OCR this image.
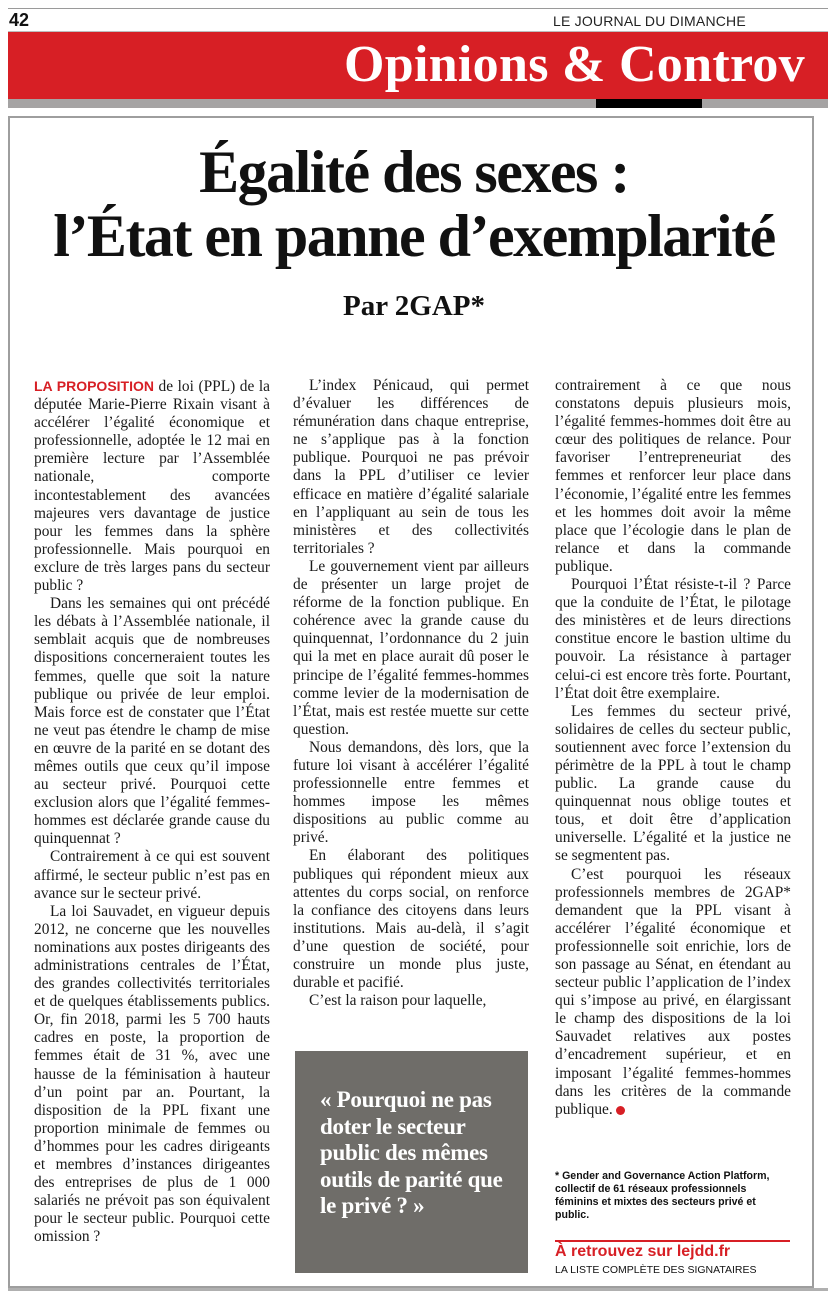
42	LE JOURNAL DU DIMANCHE
Opinions & Controv
Égalité des sexes :
l’État en panne d’exemplarité
Par 2GAP*

LA PROPOSITION de loi (PPL) de la députée Marie-Pierre Rixain visant à accélérer l’égalité économique et professionnelle, adoptée le 12 mai en première lecture par l’Assemblée nationale, comporte incontestablement des avancées majeures vers davantage de justice pour les femmes dans la sphère professionnelle. Mais pourquoi en exclure de très larges pans du secteur public ?

Dans les semaines qui ont précédé les débats à l’Assemblée nationale, il semblait acquis que de nombreuses dispositions concerneraient toutes les femmes, quelle que soit la nature publique ou privée de leur emploi. Mais force est de constater que l’État ne veut pas étendre le champ de mise en œuvre de la parité en se dotant des mêmes outils que ceux qu’il impose au secteur privé. Pourquoi cette exclusion alors que l’égalité femmes-hommes est déclarée grande cause du quinquennat ?

Contrairement à ce qui est souvent affirmé, le secteur public n’est pas en avance sur le secteur privé.

La loi Sauvadet, en vigueur depuis 2012, ne concerne que les nouvelles nominations aux postes dirigeants des administrations centrales de l’État, des grandes collectivités territoriales et de quelques établissements publics. Or, fin 2018, parmi les 5 700 hauts cadres en poste, la proportion de femmes était de 31 %, avec une hausse de la féminisation à hauteur d’un point par an. Pourtant, la disposition de la PPL fixant une proportion minimale de femmes ou d’hommes pour les cadres dirigeants et membres d’instances dirigeantes des entreprises de plus de 1 000 salariés ne prévoit pas son équivalent pour le secteur public. Pourquoi cette omission ?

L’index Pénicaud, qui permet d’évaluer les différences de rémunération dans chaque entreprise, ne s’applique pas à la fonction publique. Pourquoi ne pas prévoir dans la PPL d’utiliser ce levier efficace en matière d’égalité salariale en l’appliquant au sein de tous les ministères et des collectivités territoriales ?

Le gouvernement vient par ailleurs de présenter un large projet de réforme de la fonction publique. En cohérence avec la grande cause du quinquennat, l’ordonnance du 2 juin qui la met en place aurait dû poser le principe de l’égalité femmes-hommes comme levier de la modernisation de l’État, mais est restée muette sur cette question.

Nous demandons, dès lors, que la future loi visant à accélérer l’égalité professionnelle entre femmes et hommes impose les mêmes dispositions au public comme au privé.

En élaborant des politiques publiques qui répondent mieux aux attentes du corps social, on renforce la confiance des citoyens dans leurs institutions. Mais au-delà, il s’agit d’une question de société, pour construire un monde plus juste, durable et pacifié.

C’est la raison pour laquelle,

« Pourquoi ne pas doter le secteur public des mêmes outils de parité que le privé ? »

contrairement à ce que nous constatons depuis plusieurs mois, l’égalité femmes-hommes doit être au cœur des politiques de relance. Pour favoriser l’entrepreneuriat des femmes et renforcer leur place dans l’économie, l’égalité entre les femmes et les hommes doit avoir la même place que l’écologie dans le plan de relance et dans la commande publique.

Pourquoi l’État résiste-t-il ? Parce que la conduite de l’État, le pilotage des ministères et de leurs directions constitue encore le bastion ultime du pouvoir. La résistance à partager celui-ci est encore très forte. Pourtant, l’État doit être exemplaire.

Les femmes du secteur privé, solidaires de celles du secteur public, soutiennent avec force l’extension du périmètre de la PPL à tout le champ public. La grande cause du quinquennat nous oblige toutes et tous, et doit être d’application universelle. L’égalité et la justice ne se segmentent pas.

C’est pourquoi les réseaux professionnels membres de 2GAP* demandent que la PPL visant à accélérer l’égalité économique et professionnelle soit enrichie, lors de son passage au Sénat, en étendant au secteur public l’application de l’index qui s’impose au privé, en élargissant le champ des dispositions de la loi Sauvadet relatives aux postes d’encadrement supérieur, et en imposant l’égalité femmes-hommes dans les critères de la commande publique.

* Gender and Governance Action Platform, collectif de 61 réseaux professionnels féminins et mixtes des secteurs privé et public.
À retrouvez sur lejdd.fr
LA LISTE COMPLÈTE DES SIGNATAIRES
